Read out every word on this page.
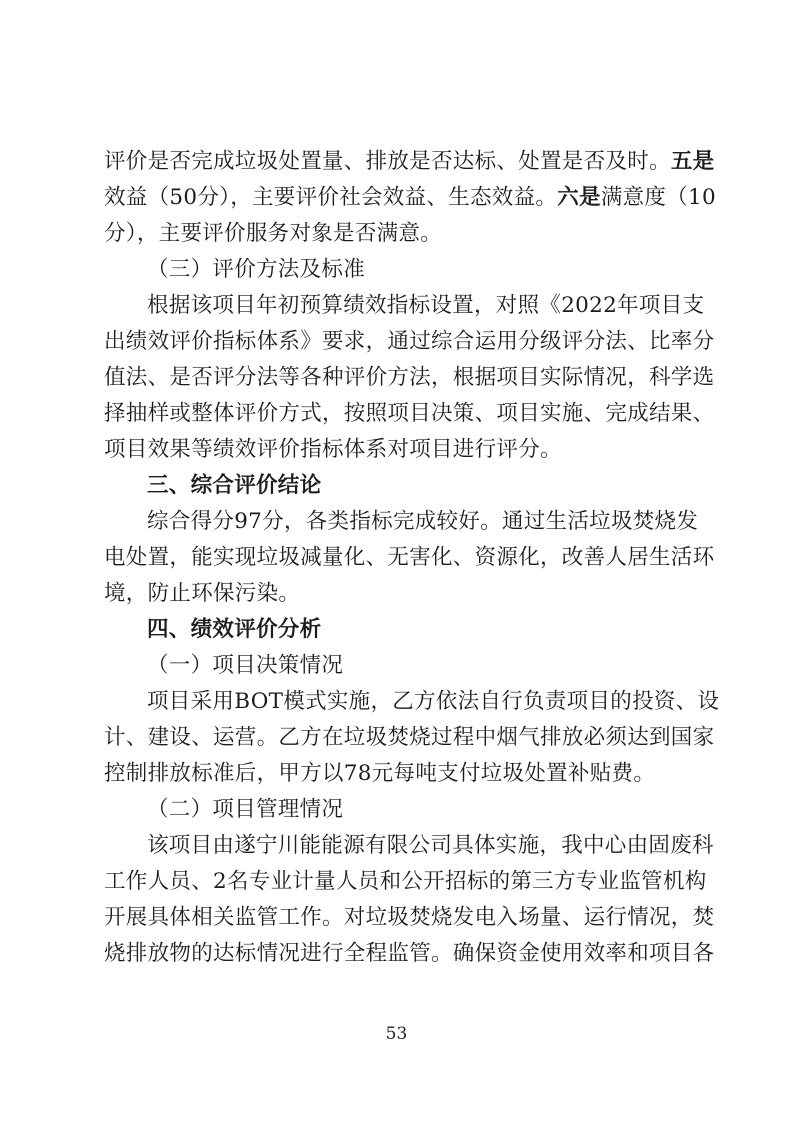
评价是否完成垃圾处置量、排放是否达标、处置是否及时。五是
效益（50分），主要评价社会效益、生态效益。六是满意度（10
分），主要评价服务对象是否满意。
（三）评价方法及标准
根据该项目年初预算绩效指标设置，对照《2022年项目支
出绩效评价指标体系》要求，通过综合运用分级评分法、比率分
值法、是否评分法等各种评价方法，根据项目实际情况，科学选
择抽样或整体评价方式，按照项目决策、项目实施、完成结果、
项目效果等绩效评价指标体系对项目进行评分。
三、综合评价结论
综合得分97分，各类指标完成较好。通过生活垃圾焚烧发
电处置，能实现垃圾减量化、无害化、资源化，改善人居生活环
境，防止环保污染。
四、绩效评价分析
（一）项目决策情况
项目采用BOT模式实施，乙方依法自行负责项目的投资、设
计、建设、运营。乙方在垃圾焚烧过程中烟气排放必须达到国家
控制排放标准后，甲方以78元每吨支付垃圾处置补贴费。
（二）项目管理情况
该项目由遂宁川能能源有限公司具体实施，我中心由固废科
工作人员、2名专业计量人员和公开招标的第三方专业监管机构
开展具体相关监管工作。对垃圾焚烧发电入场量、运行情况，焚
烧排放物的达标情况进行全程监管。确保资金使用效率和项目各
53
